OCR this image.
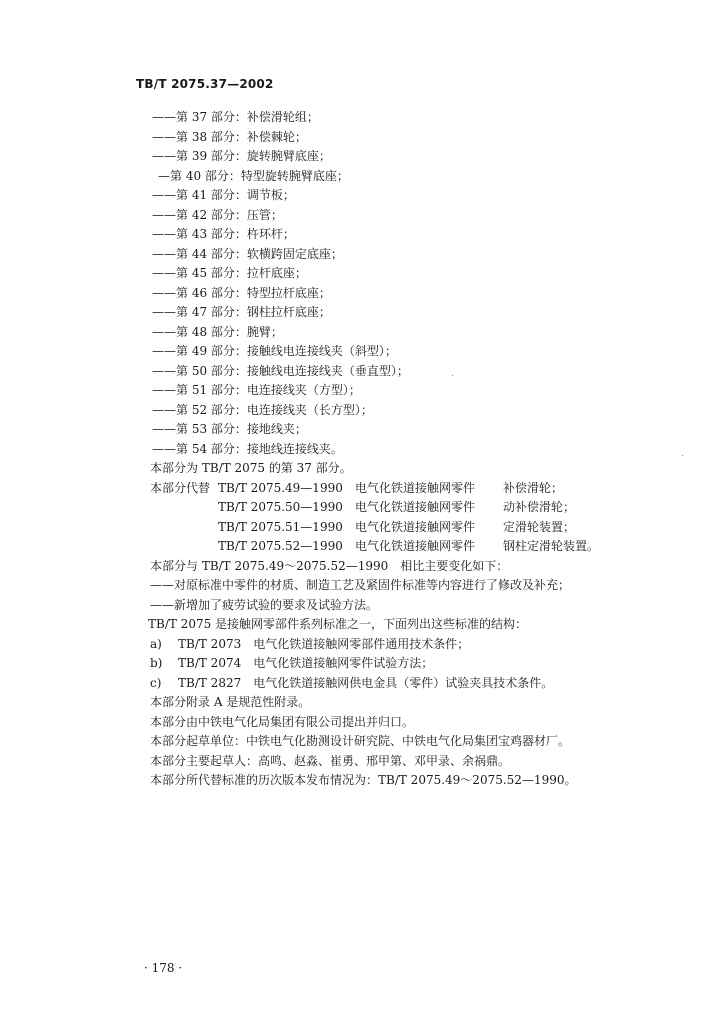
TB/T 2075.37—2002
——第 37 部分：补偿滑轮组；
——第 38 部分：补偿棘轮；
——第 39 部分：旋转腕臂底座；
—第 40 部分：特型旋转腕臂底座；
——第 41 部分：调节板；
——第 42 部分：压管；
——第 43 部分：杵环杆；
——第 44 部分：软横跨固定底座；
——第 45 部分：拉杆底座；
——第 46 部分：特型拉杆底座；
——第 47 部分：钢柱拉杆底座；
——第 48 部分：腕臂；
——第 49 部分：接触线电连接线夹（斜型）；
——第 50 部分：接触线电连接线夹（垂直型）；
——第 51 部分：电连接线夹（方型）；
——第 52 部分：电连接线夹（长方型）；
——第 53 部分：接地线夹；
——第 54 部分：接地线连接线夹。
本部分为 TB/T 2075 的第 37 部分。
本部分代替 TB/T 2075.49—1990 电气化铁道接触网零件 补偿滑轮；
TB/T 2075.50—1990 电气化铁道接触网零件 动补偿滑轮；
TB/T 2075.51—1990 电气化铁道接触网零件 定滑轮装置；
TB/T 2075.52—1990 电气化铁道接触网零件 钢柱定滑轮装置。
本部分与 TB/T 2075.49～2075.52—1990　相比主要变化如下：
——对原标准中零件的材质、制造工艺及紧固件标准等内容进行了修改及补充；
——新增加了疲劳试验的要求及试验方法。
TB/T 2075 是接触网零部件系列标准之一，下面列出这些标准的结构：
a) TB/T 2073　电气化铁道接触网零部件通用技术条件；
b) TB/T 2074　电气化铁道接触网零件试验方法；
c) TB/T 2827　电气化铁道接触网供电金具（零件）试验夹具技术条件。
本部分附录 A 是规范性附录。
本部分由中铁电气化局集团有限公司提出并归口。
本部分起草单位：中铁电气化勘测设计研究院、中铁电气化局集团宝鸡器材厂。
本部分主要起草人：高鸣、赵淼、崔勇、邢甲第、邓甲录、余祸鼎。
本部分所代替标准的历次版本发布情况为：TB/T 2075.49～2075.52—1990。
· 178 ·
